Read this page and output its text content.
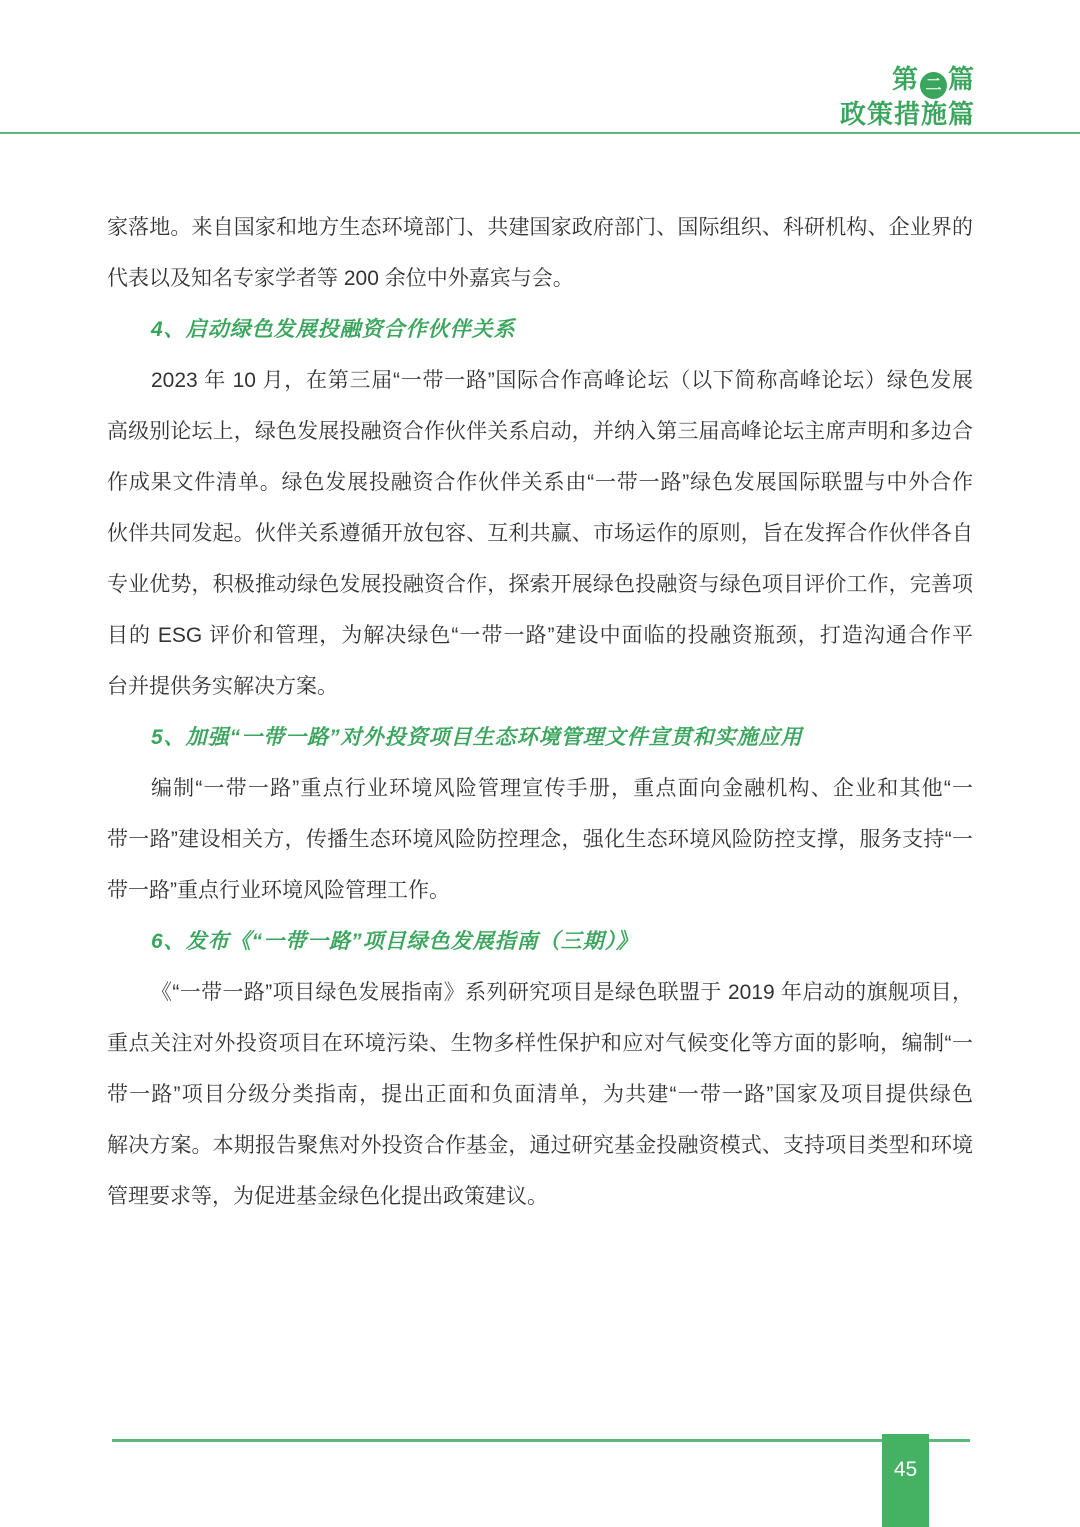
第 二 篇
政策措施篇
家落地。来自国家和地方生态环境部门、共建国家政府部门、国际组织、科研机构、企业界的
代表以及知名专家学者等 200 余位中外嘉宾与会。
4、启动绿色发展投融资合作伙伴关系
2023 年 10 月，在第三届“一带一路”国际合作高峰论坛（以下简称高峰论坛）绿色发展
高级别论坛上，绿色发展投融资合作伙伴关系启动，并纳入第三届高峰论坛主席声明和多边合
作成果文件清单。绿色发展投融资合作伙伴关系由“一带一路”绿色发展国际联盟与中外合作
伙伴共同发起。伙伴关系遵循开放包容、互利共赢、市场运作的原则，旨在发挥合作伙伴各自
专业优势，积极推动绿色发展投融资合作，探索开展绿色投融资与绿色项目评价工作，完善项
目的 ESG 评价和管理，为解决绿色“一带一路”建设中面临的投融资瓶颈，打造沟通合作平
台并提供务实解决方案。
5、加强“一带一路”对外投资项目生态环境管理文件宣贯和实施应用
编制“一带一路”重点行业环境风险管理宣传手册，重点面向金融机构、企业和其他“一
带一路”建设相关方，传播生态环境风险防控理念，强化生态环境风险防控支撑，服务支持“一
带一路”重点行业环境风险管理工作。
6、发布《“一带一路”项目绿色发展指南（三期）》
《“一带一路”项目绿色发展指南》系列研究项目是绿色联盟于 2019 年启动的旗舰项目，
重点关注对外投资项目在环境污染、生物多样性保护和应对气候变化等方面的影响，编制“一
带一路”项目分级分类指南，提出正面和负面清单，为共建“一带一路”国家及项目提供绿色
解决方案。本期报告聚焦对外投资合作基金，通过研究基金投融资模式、支持项目类型和环境
管理要求等，为促进基金绿色化提出政策建议。
45
